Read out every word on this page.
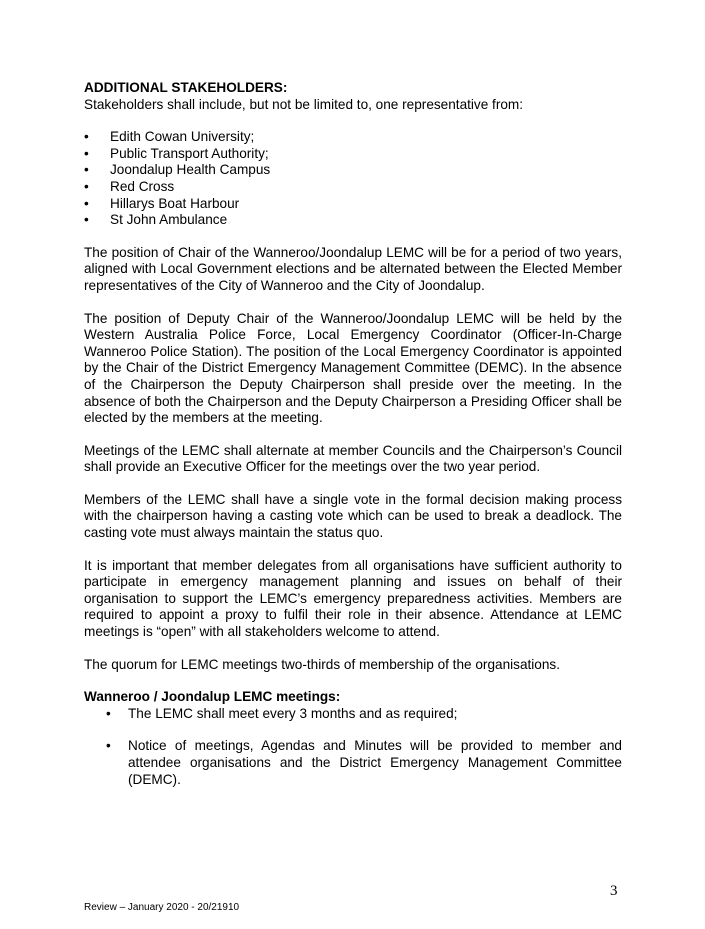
ADDITIONAL STAKEHOLDERS:

Stakeholders shall include, but not be limited to, one representative from:

• Edith Cowan University;
• Public Transport Authority;
• Joondalup Health Campus
• Red Cross
• Hillarys Boat Harbour
• St John Ambulance

The position of Chair of the Wanneroo/Joondalup LEMC will be for a period of two years, aligned with Local Government elections and be alternated between the Elected Member representatives of the City of Wanneroo and the City of Joondalup.

The position of Deputy Chair of the Wanneroo/Joondalup LEMC will be held by the Western Australia Police Force, Local Emergency Coordinator (Officer-In-Charge Wanneroo Police Station). The position of the Local Emergency Coordinator is appointed by the Chair of the District Emergency Management Committee (DEMC). In the absence of the Chairperson the Deputy Chairperson shall preside over the meeting. In the absence of both the Chairperson and the Deputy Chairperson a Presiding Officer shall be elected by the members at the meeting.

Meetings of the LEMC shall alternate at member Councils and the Chairperson’s Council shall provide an Executive Officer for the meetings over the two year period.

Members of the LEMC shall have a single vote in the formal decision making process with the chairperson having a casting vote which can be used to break a deadlock. The casting vote must always maintain the status quo.

It is important that member delegates from all organisations have sufficient authority to participate in emergency management planning and issues on behalf of their organisation to support the LEMC’s emergency preparedness activities. Members are required to appoint a proxy to fulfil their role in their absence. Attendance at LEMC meetings is “open” with all stakeholders welcome to attend.

The quorum for LEMC meetings two-thirds of membership of the organisations.

Wanneroo / Joondalup LEMC meetings:

• The LEMC shall meet every 3 months and as required;
• Notice of meetings, Agendas and Minutes will be provided to member and attendee organisations and the District Emergency Management Committee (DEMC).
3
Review – January 2020 - 20/21910
